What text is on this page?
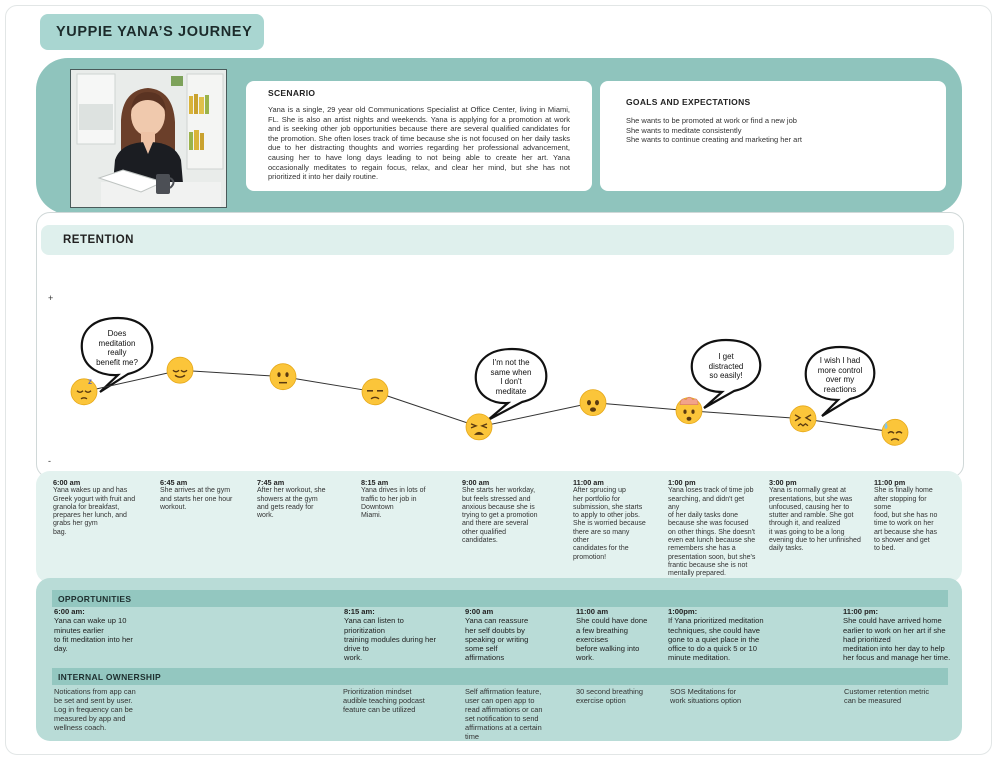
YUPPIE YANA’S JOURNEY
SCENARIO

Yana is a single, 29 year old Communications Specialist at Office Center, living in Miami, FL. She is also an artist nights and weekends. Yana is applying for a promotion at work and is seeking other job opportunities because there are several qualified candidates for the promotion. She often loses track of time because she is not focused on her daily tasks due to her distracting thoughts and worries regarding her professional advancement, causing her to have long days leading to not being able to create her art. Yana occasionally meditates to regain focus, relax, and clear her mind, but she has not prioritized it into her daily routine.

GOALS AND EXPECTATIONS
She wants to be promoted at work or find a new job
She wants to meditate consistently
She wants to continue creating and marketing her art
RETENTION
+
-
z
Does
meditation
really
benefit me?	I'm not the
same when
I don't
meditate
I get
distracted
so easily!
I wish I had
more control
over my
reactions
6:00 am
Yana wakes up and has
Greek yogurt with fruit and
granola for breakfast,
prepares her lunch, and
grabs her gym
bag.
6:45 am
She arrives at the gym
and starts her one hour
workout.
7:45 am
After her workout, she
showers at the gym
and gets ready for
work.
8:15 am
Yana drives in lots of
traffic to her job in
Downtown
Miami.
9:00 am
She starts her workday,
but feels stressed and
anxious because she is
trying to get a promotion
and there are several
other qualified
candidates.
11:00 am
After sprucing up
her portfolio for
submission, she starts
to apply to other jobs.
She is worried because
there are so many
other
candidates for the
promotion!
1:00 pm
Yana loses track of time job
searching, and didn't get
any
of her daily tasks done
because she was focused
on other things. She doesn't
even eat lunch because she
remembers she has a
presentation soon, but she's
frantic because she is not
mentally prepared.
3:00 pm
Yana is normally great at
presentations, but she was
unfocused, causing her to
stutter and ramble. She got
through it, and realized
it was going to be a long
evening due to her unfinished
daily tasks.
11:00 pm
She is finally home
after stopping for
some
food, but she has no
time to work on her
art because she has
to shower and get
to bed.
OPPORTUNITIES
6:00 am:
Yana can wake up 10
minutes earlier
to fit meditation into her
day.
8:15 am:
Yana can listen to
prioritization
training modules during her
drive to
work.
9:00 am
Yana can reassure
her self doubts by
speaking or writing
some self
affirmations
11:00 am
She could have done
a few breathing
exercises
before walking into
work.
1:00pm:
If Yana prioritized meditation
techniques, she could have
gone to a quiet place in the
office to do a quick 5 or 10
minute meditation.
11:00 pm:
She could have arrived home
earlier to work on her art if she
had prioritized
meditation into her day to help
her focus and manage her time.
INTERNAL OWNERSHIP
Notications from app can
be set and sent by user.
Log in frequency can be
measured by app and
wellness coach.
Prioritization mindset
audible teaching podcast
feature can be utilized
Self affirmation feature,
user can open app to
read affirmations or can
set notification to send
affirmations at a certain
time
30 second breathing
exercise option
SOS Meditations for
work situations option
Customer retention metric
can be measured
